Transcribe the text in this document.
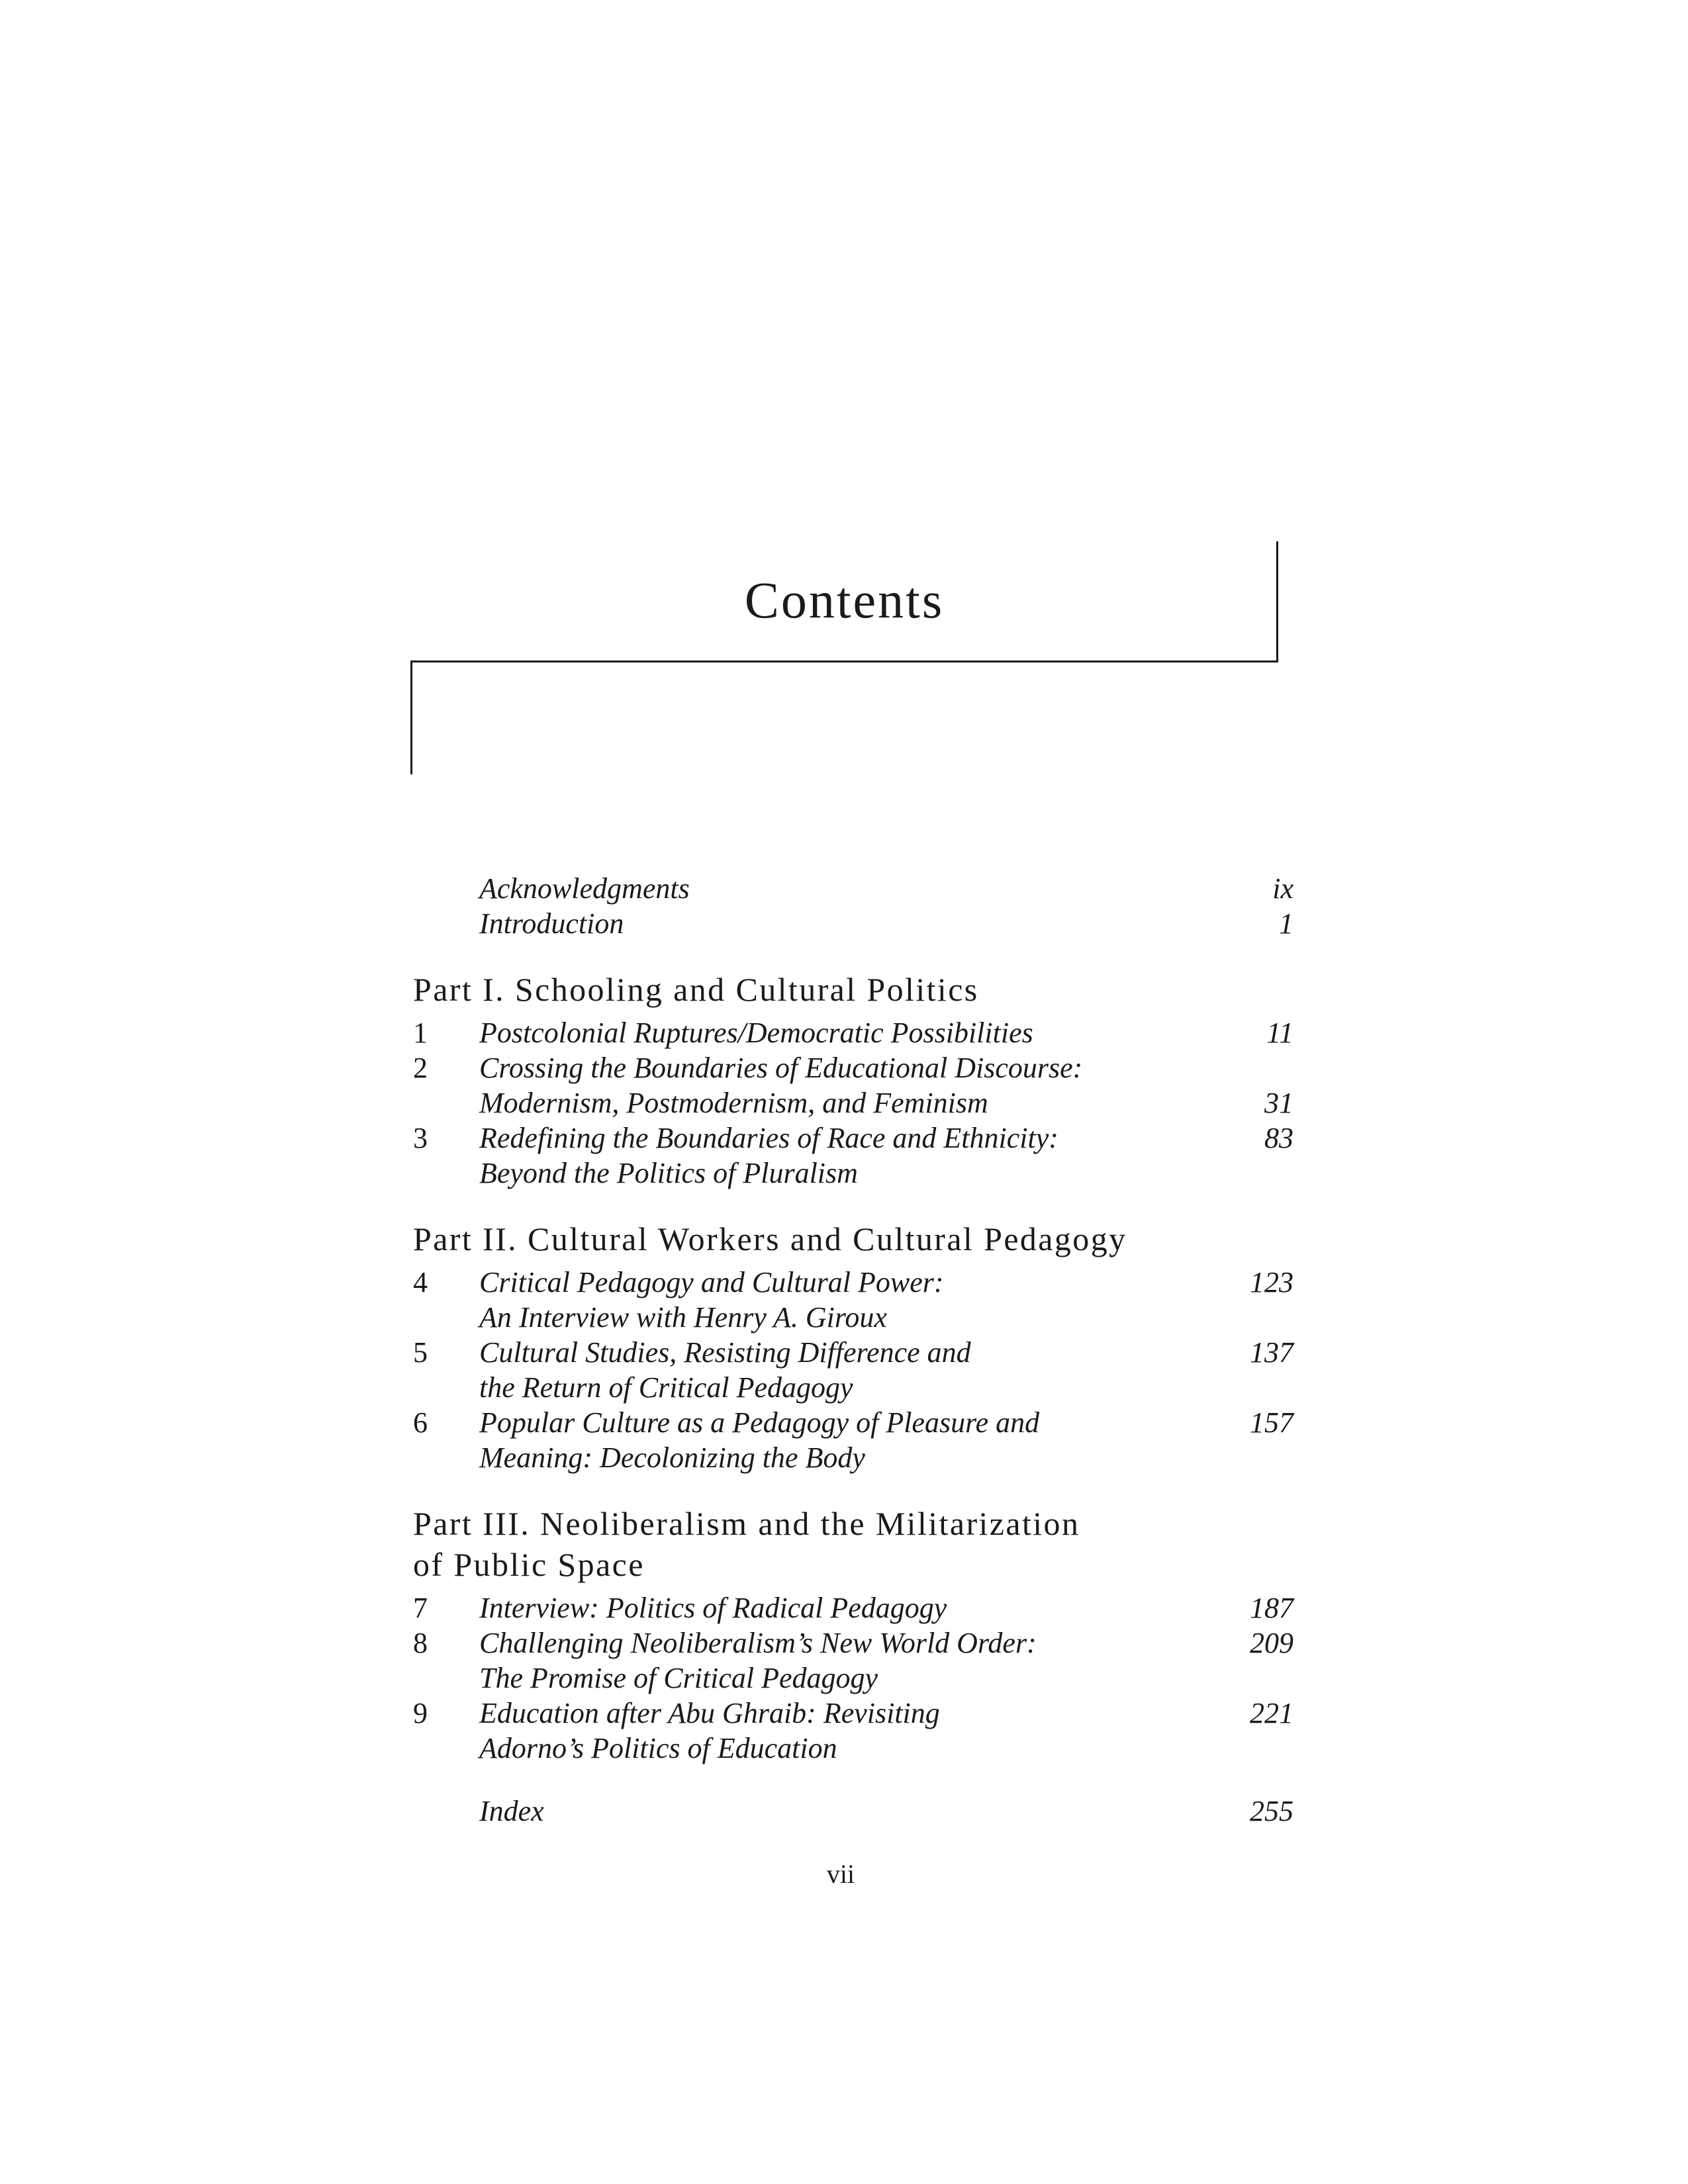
Contents
Acknowledgments	ix
Introduction	1
Part I. Schooling and Cultural Politics
1 Postcolonial Ruptures/Democratic Possibilities	11
2 Crossing the Boundaries of Educational Discourse:
Modernism, Postmodernism, and Feminism	31
3 Redefining the Boundaries of Race and Ethnicity:	83
Beyond the Politics of Pluralism
Part II. Cultural Workers and Cultural Pedagogy
4 Critical Pedagogy and Cultural Power:	123
An Interview with Henry A. Giroux
5 Cultural Studies, Resisting Difference and	137
the Return of Critical Pedagogy
6 Popular Culture as a Pedagogy of Pleasure and	157
Meaning: Decolonizing the Body
Part III. Neoliberalism and the Militarization
of Public Space
7 Interview: Politics of Radical Pedagogy	187
8 Challenging Neoliberalism’s New World Order:	209
The Promise of Critical Pedagogy
9 Education after Abu Ghraib: Revisiting	221
Adorno’s Politics of Education
Index	255
vii
